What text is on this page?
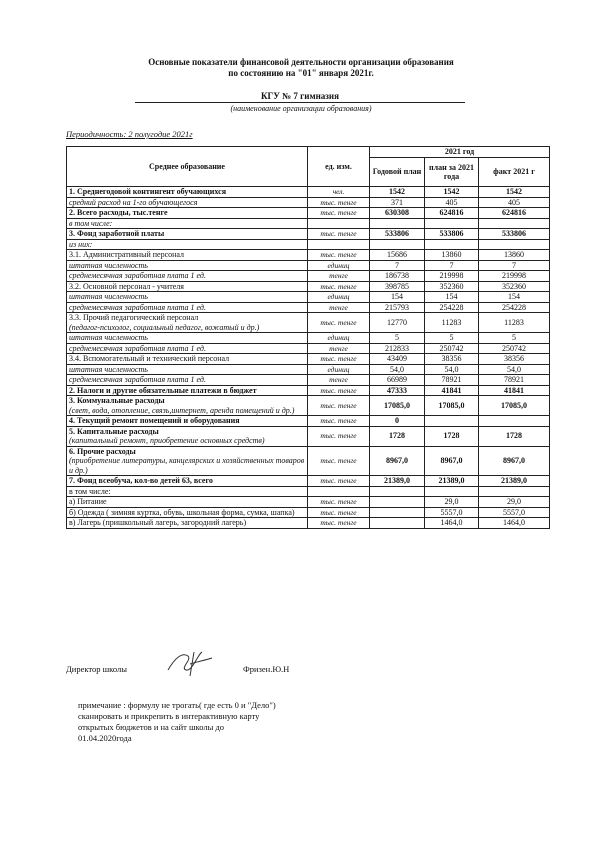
Основные показатели финансовой деятельности организации образования
по состоянию на "01" января 2021г.
КГУ № 7 гимназия
(наименование организации образования)
Периодичность: 2 полугодие 2021г
Среднее образование	ед. изм.	2021 год		
		Годовой план	план за 2021 года	факт 2021 г
1. Среднегодовой контингент обучающихся	чел.	1542	1542	1542
средний расход на 1-го обучающегося	тыс. тенге	371	405	405
2. Всего расходы, тыс.тенге	тыс. тенге	630308	624816	624816
в том числе:				
3. Фонд заработной платы	тыс. тенге	533806	533806	533806
из них:				
3.1. Административный персонал	тыс. тенге	15686	13860	13860
штатная численность	единиц	7	7	7
среднемесячная заработная плата 1 ед.	тенге	186738	219998	219998
3.2. Основной персонал - учителя	тыс. тенге	398785	352360	352360
штатная численность	единиц	154	154	154
среднемесячная заработная плата 1 ед.	тенге	215793	254228	254228
3.3. Прочий педагогический персонал
(педагог-психолог, социальный педагог, вожатый и др.)	тыс. тенге	12770	11283	11283
штатная численность	единиц	5	5	5
среднемесячная заработная плата 1 ед.	тенге	212833	250742	250742
3.4. Вспомогательный и технический персонал	тыс. тенге	43409	38356	38356
штатная численность	единиц	54,0	54,0	54,0
среднемесячная заработная плата 1 ед.	тенге	66989	78921	78921
2. Налоги и другие обязательные платежи в бюджет	тыс. тенге	47333	41841	41841
3. Коммунальные расходы
(свет, вода, отопление, связь,интернет, аренда помещений и др.)	тыс. тенге	17085,0	17085,0	17085,0
4. Текущий ремонт помещений и оборудования	тыс. тенге	0		
5. Капитальные расходы
(капитальный ремонт, приобретение основных средств)	тыс. тенге	1728	1728	1728
6. Прочие расходы
(приобретение литературы, канцелярских и хозяйственных товаров и др.)	тыс. тенге	8967,0	8967,0	8967,0
7. Фонд всеобуча, кол-во детей 63, всего	тыс. тенге	21389,0	21389,0	21389,0
в том числе:				
а) Питание	тыс. тенге		29,0	29,0
б) Одежда ( зимняя куртка, обувь, школьная форма, сумка, шапка)	тыс. тенге		5557,0	5557,0
в) Лагерь (пришкольный лагерь, загородний лагерь)	тыс. тенге		1464,0	1464,0
Директор школы	Фризен.Ю.Н
примечание : формулу не трогать( где есть 0 и "Дело")
сканировать и прикрепить в интерактивную карту
открытых бюджетов и на сайт школы до
01.04.2020года
